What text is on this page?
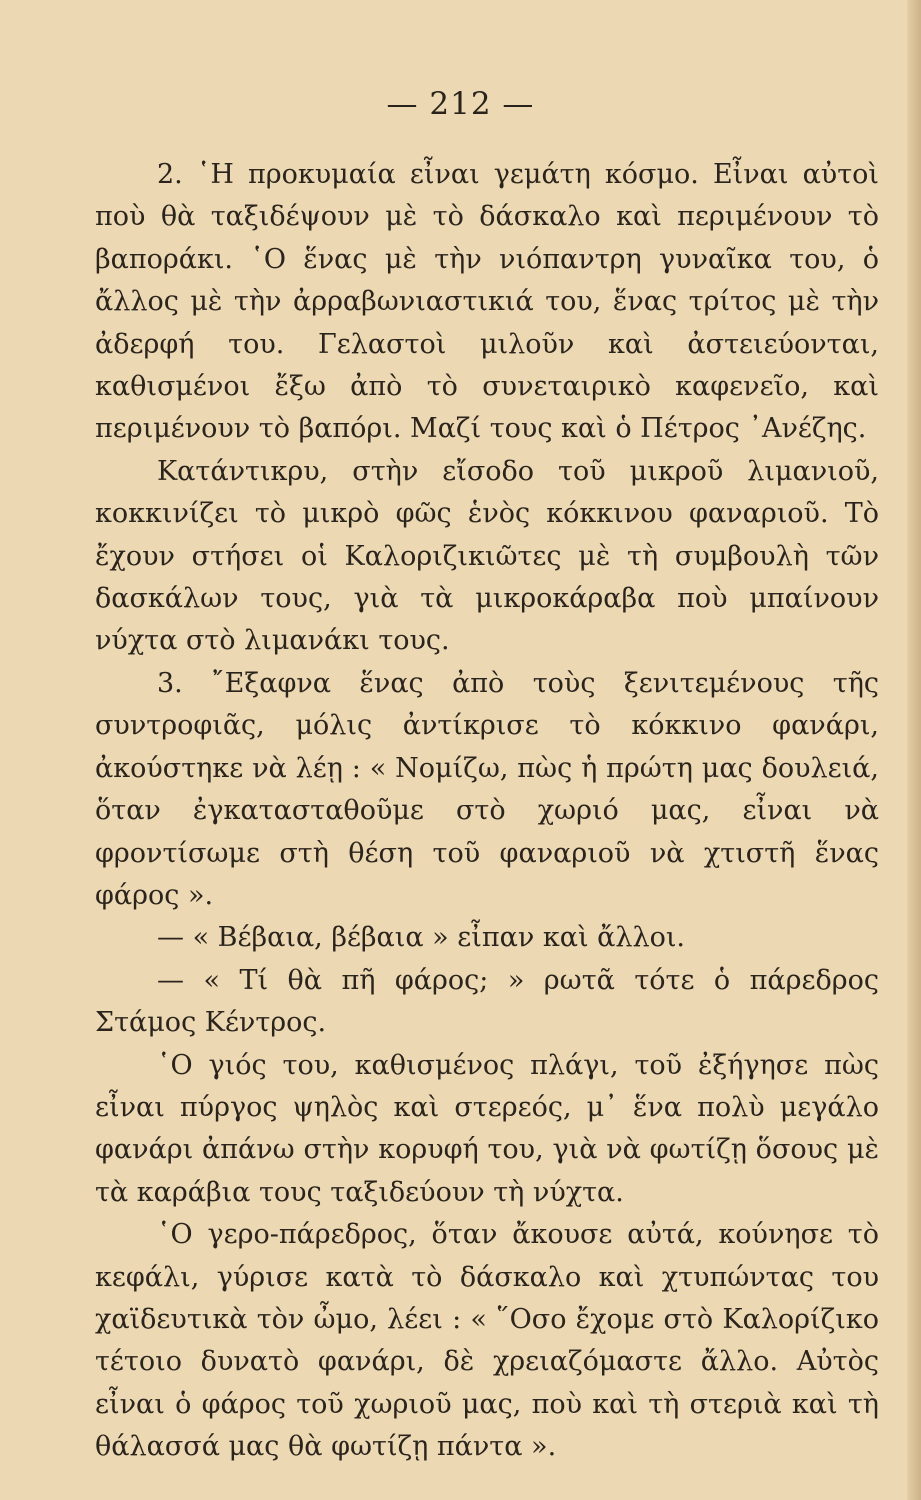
— 212 —

2. ῾Η προκυμαία εἶναι γεμάτη κόσμο. Εἶναι αὐτοὶ ποὺ θὰ ταξιδέψουν μὲ τὸ δάσκαλο καὶ περιμένουν τὸ βαποράκι. ῾Ο ἕνας μὲ τὴν νιόπαντρη γυναῖκα του, ὁ ἄλλος μὲ τὴν ἀρραβωνιαστικιά του, ἕνας τρίτος μὲ τὴν ἀδερφή του. Γελαστοὶ μιλοῦν καὶ ἀστειεύονται, καθισμένοι ἔξω ἀπὸ τὸ συνεταιρικὸ καφενεῖο, καὶ περιμένουν τὸ βαπόρι. Μαζί τους καὶ ὁ Πέτρος ᾿Ανέζης.

Κατάντικρυ, στὴν εἴσοδο τοῦ μικροῦ λιμανιοῦ, κοκκινίζει τὸ μικρὸ φῶς ἑνὸς κόκκινου φαναριοῦ. Τὸ ἔχουν στήσει οἱ Καλοριζικιῶτες μὲ τὴ συμβουλὴ τῶν δασκάλων τους, γιὰ τὰ μικροκάραβα ποὺ μπαίνουν νύχτα στὸ λιμανάκι τους.

3. ῎Εξαφνα ἕνας ἀπὸ τοὺς ξενιτεμένους τῆς συντροφιᾶς, μόλις ἀντίκρισε τὸ κόκκινο φανάρι, ἀκούστηκε νὰ λέῃ : « Νομίζω, πὼς ἡ πρώτη μας δουλειά, ὅταν ἐγκατασταθοῦμε στὸ χωριό μας, εἶναι νὰ φροντίσωμε στὴ θέση τοῦ φαναριοῦ νὰ χτιστῆ ἕνας φάρος ».

— « Βέβαια, βέβαια » εἶπαν καὶ ἄλλοι.

— « Τί θὰ πῆ φάρος; » ρωτᾶ τότε ὁ πάρεδρος Στάμος Κέντρος.

῾Ο γιός του, καθισμένος πλάγι, τοῦ ἐξήγησε πὼς εἶναι πύργος ψηλὸς καὶ στερεός, μ᾿ ἕνα πολὺ μεγάλο φανάρι ἀπάνω στὴν κορυφή του, γιὰ νὰ φωτίζῃ ὅσους μὲ τὰ καράβια τους ταξιδεύουν τὴ νύχτα.

῾Ο γερο-πάρεδρος, ὅταν ἄκουσε αὐτά, κούνησε τὸ κεφάλι, γύρισε κατὰ τὸ δάσκαλο καὶ χτυπώντας του χαϊδευτικὰ τὸν ὦμο, λέει : « ῞Οσο ἔχομε στὸ Καλορίζικο τέτοιο δυνατὸ φανάρι, δὲ χρειαζόμαστε ἄλλο. Αὐτὸς εἶναι ὁ φάρος τοῦ χωριοῦ μας, ποὺ καὶ τὴ στεριὰ καὶ τὴ θάλασσά μας θὰ φωτίζῃ πάντα ».
